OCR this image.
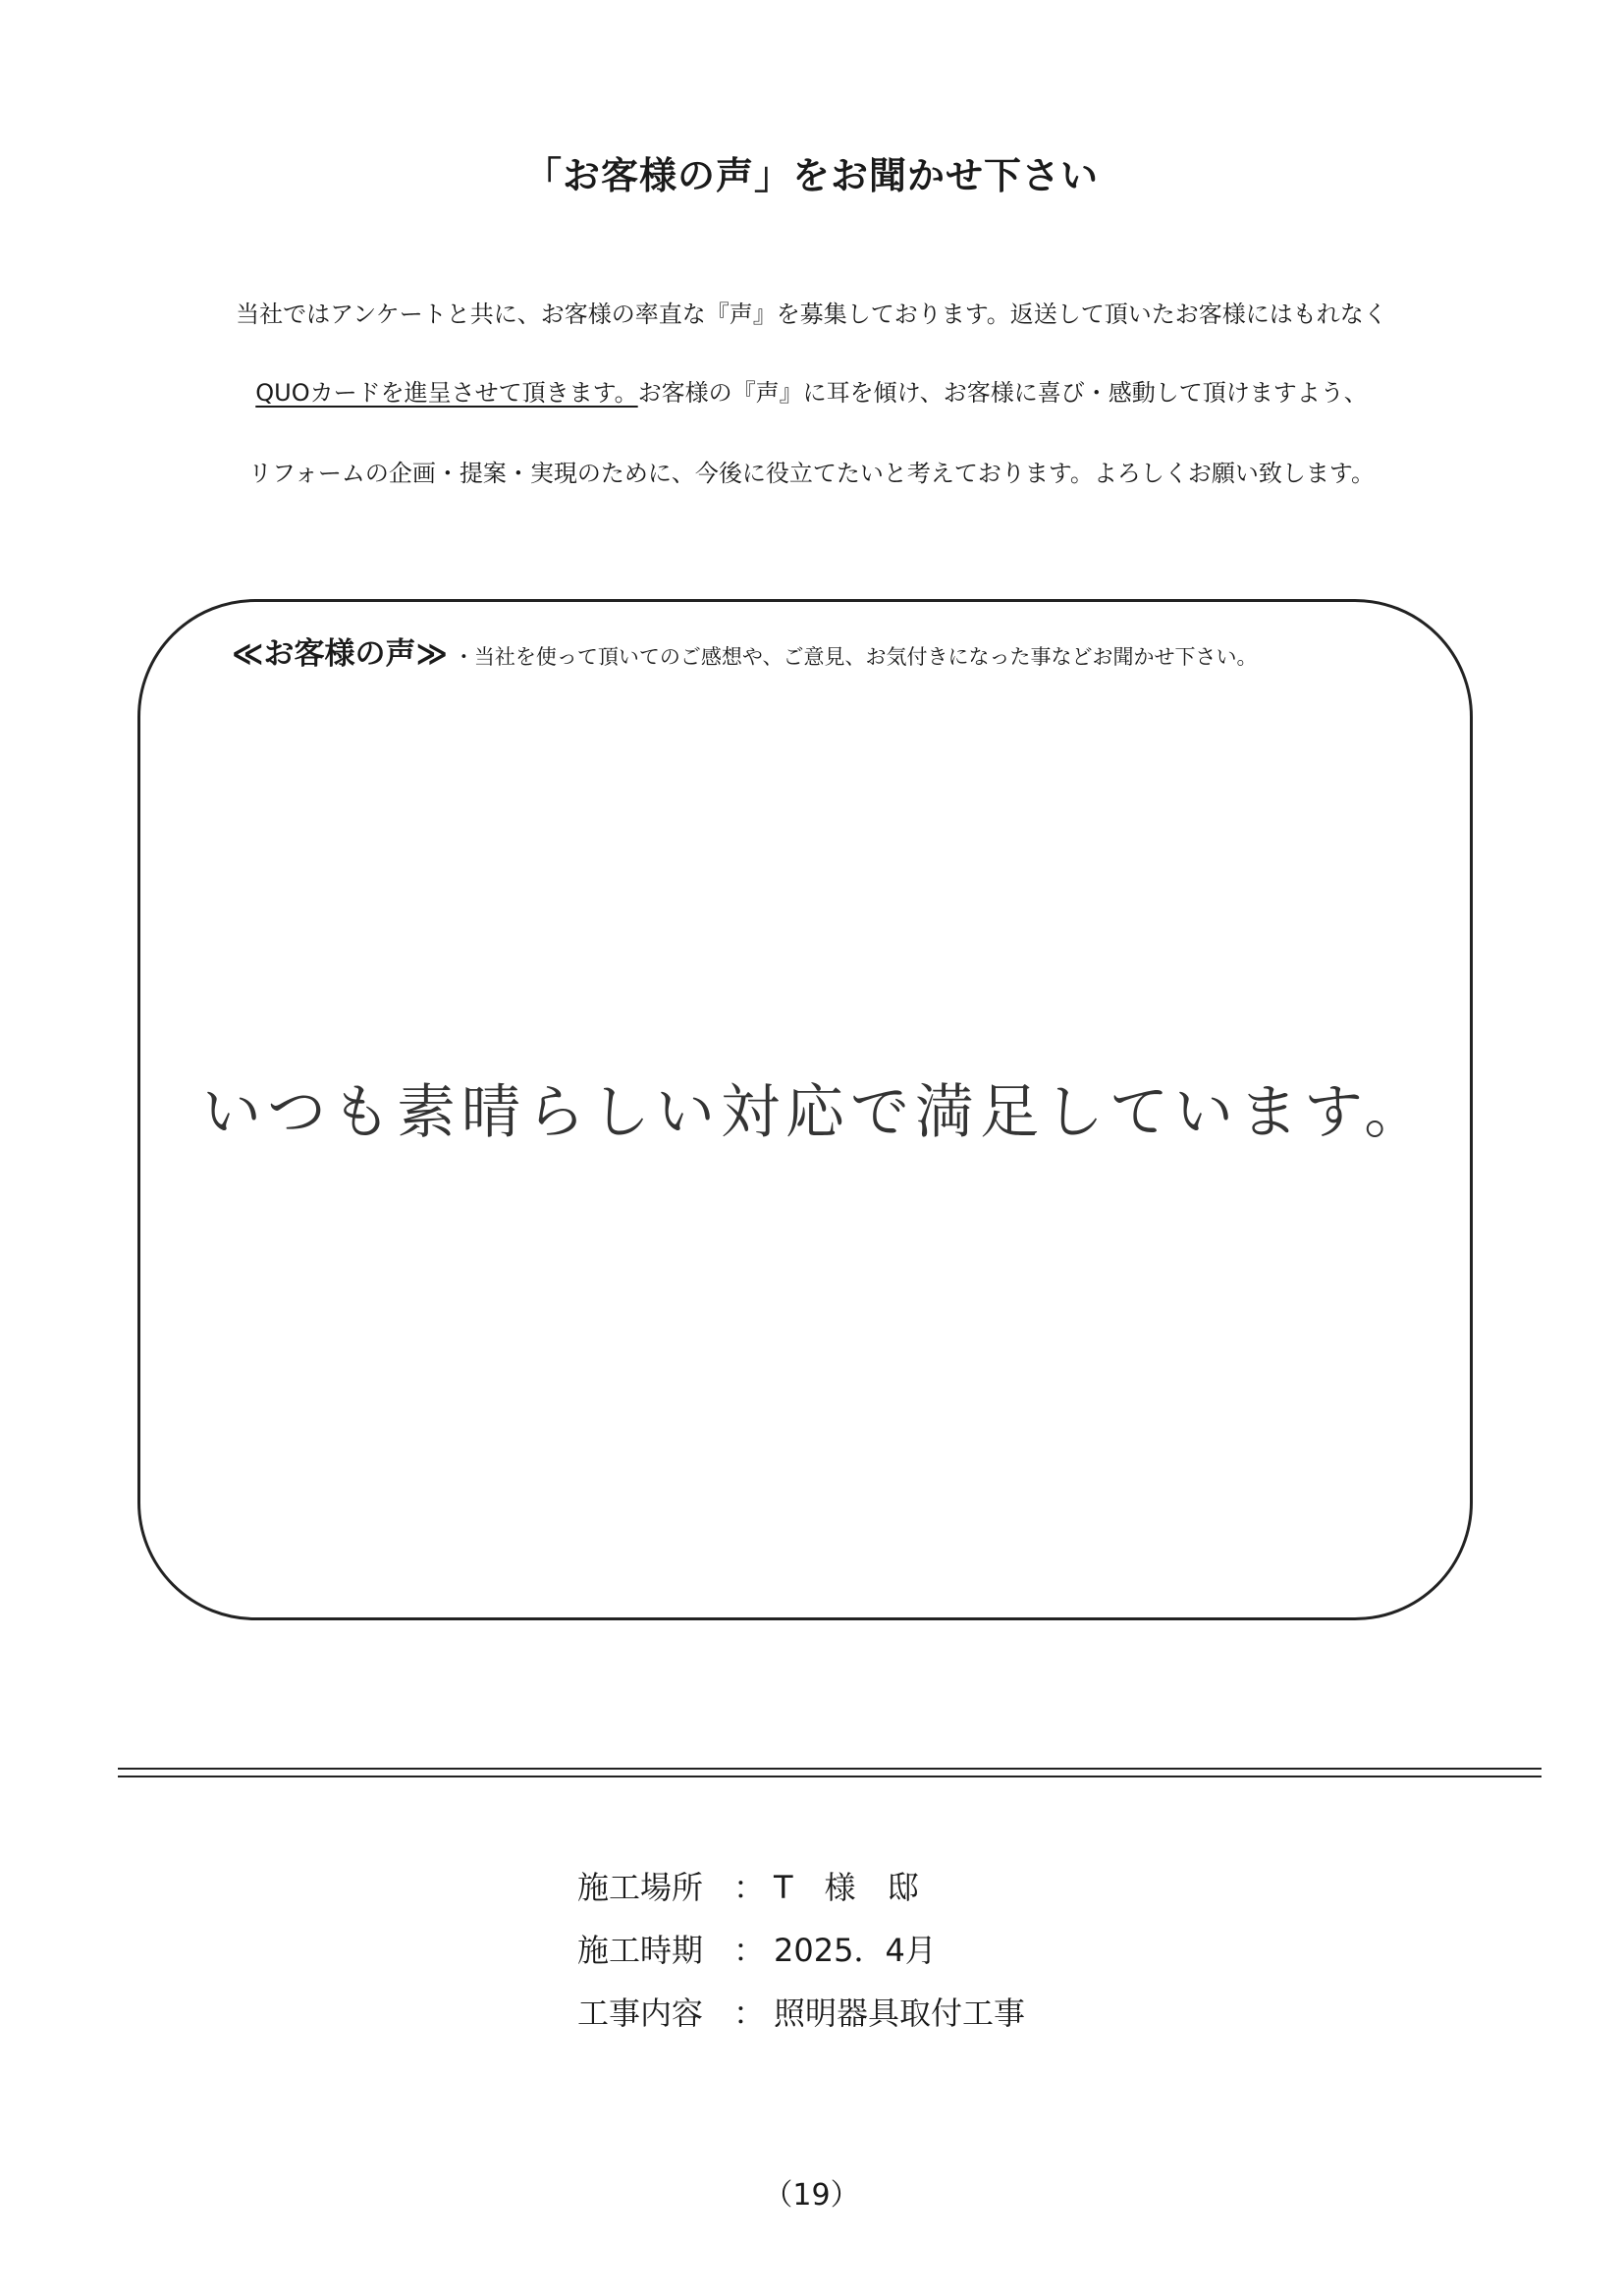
「お客様の声」をお聞かせ下さい
当社ではアンケートと共に、お客様の率直な『声』を募集しております。返送して頂いたお客様にはもれなく
QUOカードを進呈させて頂きます。お客様の『声』に耳を傾け、お客様に喜び・感動して頂けますよう、
リフォームの企画・提案・実現のために、今後に役立てたいと考えております。よろしくお願い致します。
≪お客様の声≫ ・当社を使って頂いてのご感想や、ご意見、お気付きになった事などお聞かせ下さい。
いつも素晴らしい対応で満足しています。
施工場所 ： T　様　邸
施工時期 ： 2025．4月
工事内容 ： 照明器具取付工事
（19）
